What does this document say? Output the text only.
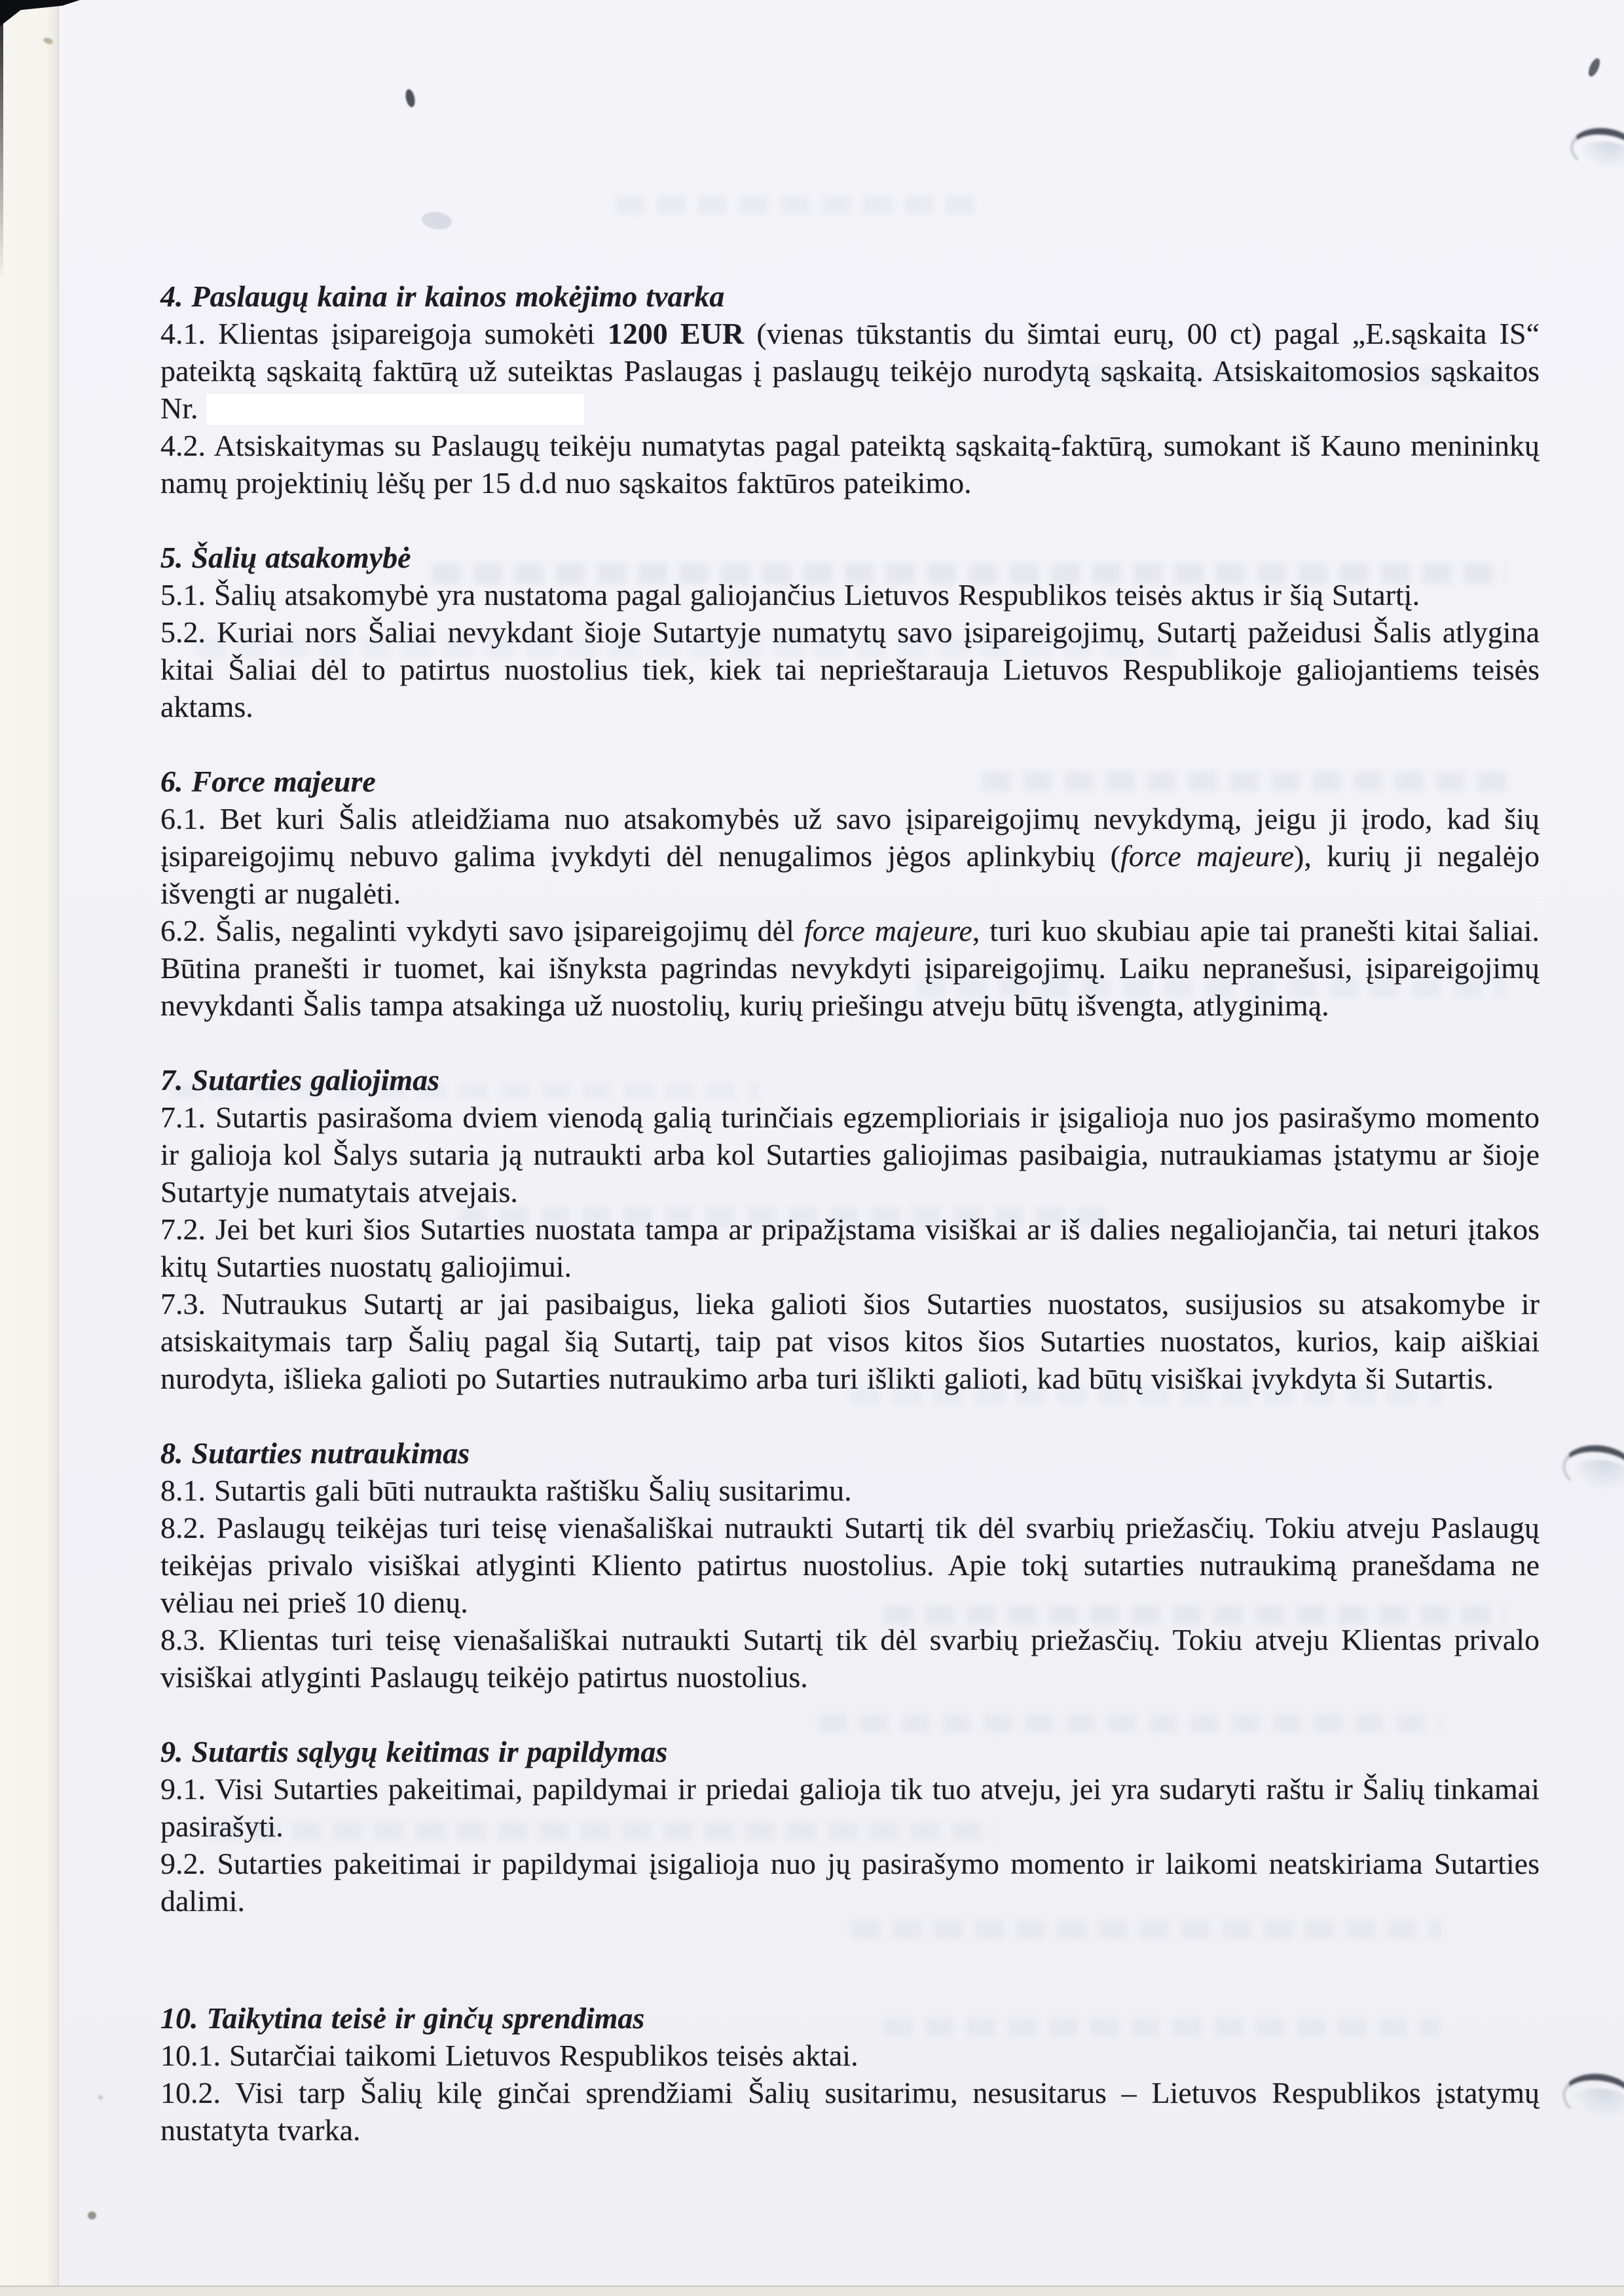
4. Paslaugų kaina ir kainos mokėjimo tvarka

4.1. Klientas įsipareigoja sumokėti 1200 EUR (vienas tūkstantis du šimtai eurų, 00 ct) pagal „E.sąskaita IS“ pateiktą sąskaitą faktūrą už suteiktas Paslaugas į paslaugų teikėjo nurodytą sąskaitą. Atsiskaitomosios sąskaitos Nr.

4.2. Atsiskaitymas su Paslaugų teikėju numatytas pagal pateiktą sąskaitą-faktūrą, sumokant iš Kauno menininkų namų projektinių lėšų per 15 d.d nuo sąskaitos faktūros pateikimo.

5. Šalių atsakomybė

5.1. Šalių atsakomybė yra nustatoma pagal galiojančius Lietuvos Respublikos teisės aktus ir šią Sutartį.

5.2. Kuriai nors Šaliai nevykdant šioje Sutartyje numatytų savo įsipareigojimų, Sutartį pažeidusi Šalis atlygina kitai Šaliai dėl to patirtus nuostolius tiek, kiek tai neprieštarauja Lietuvos Respublikoje galiojantiems teisės aktams.

6. Force majeure

6.1. Bet kuri Šalis atleidžiama nuo atsakomybės už savo įsipareigojimų nevykdymą, jeigu ji įrodo, kad šių įsipareigojimų nebuvo galima įvykdyti dėl nenugalimos jėgos aplinkybių (force majeure), kurių ji negalėjo išvengti ar nugalėti.

6.2. Šalis, negalinti vykdyti savo įsipareigojimų dėl force majeure, turi kuo skubiau apie tai pranešti kitai šaliai. Būtina pranešti ir tuomet, kai išnyksta pagrindas nevykdyti įsipareigojimų. Laiku nepranešusi, įsipareigojimų nevykdanti Šalis tampa atsakinga už nuostolių, kurių priešingu atveju būtų išvengta, atlyginimą.

7. Sutarties galiojimas

7.1. Sutartis pasirašoma dviem vienodą galią turinčiais egzemplioriais ir įsigalioja nuo jos pasirašymo momento ir galioja kol Šalys sutaria ją nutraukti arba kol Sutarties galiojimas pasibaigia, nutraukiamas įstatymu ar šioje Sutartyje numatytais atvejais.

7.2. Jei bet kuri šios Sutarties nuostata tampa ar pripažįstama visiškai ar iš dalies negaliojančia, tai neturi įtakos kitų Sutarties nuostatų galiojimui.

7.3. Nutraukus Sutartį ar jai pasibaigus, lieka galioti šios Sutarties nuostatos, susijusios su atsakomybe ir atsiskaitymais tarp Šalių pagal šią Sutartį, taip pat visos kitos šios Sutarties nuostatos, kurios, kaip aiškiai nurodyta, išlieka galioti po Sutarties nutraukimo arba turi išlikti galioti, kad būtų visiškai įvykdyta ši Sutartis.

8. Sutarties nutraukimas

8.1. Sutartis gali būti nutraukta raštišku Šalių susitarimu.

8.2. Paslaugų teikėjas turi teisę vienašališkai nutraukti Sutartį tik dėl svarbių priežasčių. Tokiu atveju Paslaugų teikėjas privalo visiškai atlyginti Kliento patirtus nuostolius. Apie tokį sutarties nutraukimą pranešdama ne vėliau nei prieš 10 dienų.

8.3. Klientas turi teisę vienašališkai nutraukti Sutartį tik dėl svarbių priežasčių. Tokiu atveju Klientas privalo visiškai atlyginti Paslaugų teikėjo patirtus nuostolius.

9. Sutartis sąlygų keitimas ir papildymas

9.1. Visi Sutarties pakeitimai, papildymai ir priedai galioja tik tuo atveju, jei yra sudaryti raštu ir Šalių tinkamai pasirašyti.

9.2. Sutarties pakeitimai ir papildymai įsigalioja nuo jų pasirašymo momento ir laikomi neatskiriama Sutarties dalimi.

10. Taikytina teisė ir ginčų sprendimas

10.1. Sutarčiai taikomi Lietuvos Respublikos teisės aktai.

10.2. Visi tarp Šalių kilę ginčai sprendžiami Šalių susitarimu, nesusitarus – Lietuvos Respublikos įstatymų nustatyta tvarka.
